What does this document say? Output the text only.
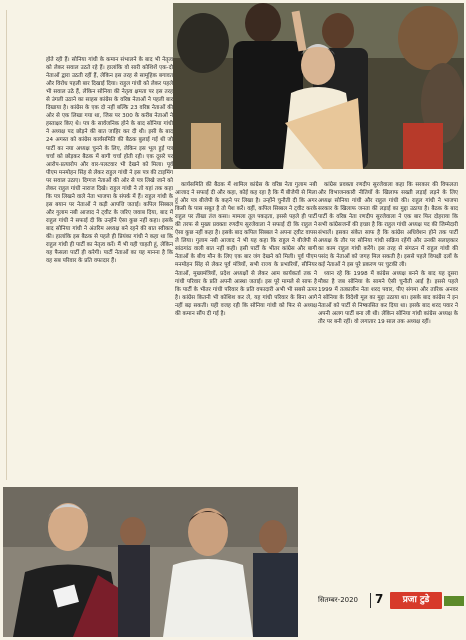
होते रही हैं। सोनिया गांधी के कमान संभालने के बाद भी नेतृत्व को लेकर सवाल उठते रहे हैं। हालांकि वो सारी कोशिशें एक-दो नेताओं द्वारा उठती रहीं हैं, लेकिन इस तरह से सामूहिक बगावत और विरोध पहली बार दिखाई दिया। राहुल गांधी को लेकर पहले भी सवाल उठे हैं, लेकिन सोनिया की नेतृत्व क्षमता पर इस तरह से उंगली उठाने का साहस कांग्रेस के वरिष्ठ नेताओं ने पहली बार दिखाया है। कांग्रेस के एक दो नहीं बल्कि 23 वरिष्ठ नेताओं की ओर से एक लिखा गया था, जिस पर 300 के करीब नेताओं ने हस्ताक्षर किए थे। पत्र के सार्वजनिक होने के बाद सोनिया गांधी ने अध्यक्ष पद छोड़ने की बात जाहिर कर दी थी। इसी के बाद 24 अगस्त को कांग्रेस कार्यसमिति की बैठक बुलाई गई थी जो पार्टी का नया अध्यक्ष चुनने के लिए, लेकिन इस भूल हुई पत्र चर्चा को छोड़कर बैठक में बागी चर्चा होती रही। एक दूसरे पर आरोप-प्रत्यारोप और वार-पलटवार भी देखने को मिला। पूर्व पीएम मनमोहन सिंह से लेकर राहुल गांधी ने इस पत्र की टाइमिंग पर सवाल उठाए। दिग्गज नेताओं की ओर से पत्र लिखे जाने को लेकर राहुल गांधी नाराज दिखे। राहुल गांधी ने तो यहां तक कहा कि पत्र लिखने वाले नेता भाजपा के संपर्क में हैं। राहुल गांधी के इस बयान पर नेताओं ने कड़ी आपत्ति जताई। कपिल सिब्बल और गुलाम नबी आजाद ने ट्वीट के जरिए जवाब दिया, बाद में राहुल गांधी ने सफाई दी कि उन्होंने ऐसा कुछ नहीं कहा। इसके बाद सोनिया गांधी ने अंतरिम अध्यक्ष बने रहने की बात स्वीकार की। हालांकि इस बैठक से पहले ही प्रियंका गांधी ने कहा था कि राहुल गांधी ही पार्टी का नेतृत्व करें। मैं भी यही चाहती हूं, लेकिन यह फैसला पार्टी ही करेगी। पार्टी नेताओं का यह मानना है कि वह सब परिवार के प्रति वफादार हैं।

कार्यसमिति की बैठक में शामिल कांग्रेस के वरिष्ठ नेता गुलाम नबी आजाद ने सफाई दी और कहा, कोई कह रहा है कि मैं बीजेपी से मिला हूं और पत्र बीजेपी के कहने पर लिखा है। उन्होंने चुनौती दी कि अगर किसी के पास सबूत है तो पेश करें। वहीं, कपिल सिब्बल ने ट्वीट करके राहुल पर तीखा तंज कसा। मामला तूल पकड़ता, इससे पहले ही पार्टी की तरफ से मुख्य प्रवक्ता रणदीप सुरजेवाला ने सफाई दी कि राहुल ने ऐसा कुछ नहीं कहा है। इसके बाद कपिल सिब्बल ने अपना ट्वीट वापस ले लिया। गुलाम नबी आजाद ने भी यह कहा कि राहुल ने बीजेपी से सांठगांठ वाली बात नहीं कही। इसी पार्टी के भीतर कांग्रेस और बागी नेताओं के बीच मौन के लिए एक बार जंग देखने को मिली। पूर्व पीएम मनमोहन सिंह से लेकर पूर्व मंत्रियों, सभी राज्य के प्रभारियों, सीनियर नेताओं, मुख्यमंत्रियों, प्रदेश अध्यक्षों से लेकर आम कार्यकर्ता तक ने गांधी परिवार के प्रति अपनी आस्था जताई। इस पूरे मामले से साफ है कि पार्टी के भीतर गांधी परिवार के प्रति वफादारी अभी भी सबसे ऊपर है। कांग्रेस कितनी भी कोशिश कर ले, यह गांधी परिवार के बिना आगे नहीं बढ़ सकती। यही वजह रही कि सोनिया गांधी को फिर से अध्यक्ष की कमान सौंप दी गई है।

कांग्रेस प्रवक्ता रणदीप सुरजेवाला कहा कि सरकार की विफलता और विभाजनकारी नीतियों के खिलाफ सख्ती लड़ाई लड़ने के लिए अध्यक्ष सोनिया गांधी और राहुल गांधी की। राहुल गांधी ने भाजपा सरकार के खिलाफ जनता की लड़ाई का मुद्दा उठाया है। बैठक के बाद पार्टी के वरिष्ठ नेता रणदीप सुरजेवाला ने एक बार फिर दोहराया कि सभी कांग्रेसजनों की इच्छा है कि राहुल गांधी अध्यक्ष पद की जिम्मेदारी संभालें। इसका संकेत साफ है कि कांग्रेस अधिवेशन होने तक पार्टी अध्यक्ष के तौर पर सोनिया गांधी सक्रिय रहेंगी और उनकी सलाहकार का काम राहुल गांधी करेंगे। इस तरह से संगठन में राहुल गांधी की पसंद के नेताओं को जगह मिल सकती है। इससे पहले विपक्षी दलों के कई नेताओं ने इस पूरे प्रकरण पर चुटकी ली।

ध्यान रहे कि 1998 में कांग्रेस अध्यक्ष बनने के बाद यह दूसरा मौका है जब सोनिया के सामने ऐसी चुनौती आई है। इससे पहले 1999 में तत्कालीन नेता शरद पवार, पीए संगमा और तारिक अनवर ने सोनिया के विदेशी मूल का मुद्दा उठाया था। इसके बाद कांग्रेस ने इन नेताओं को पार्टी से निष्कासित कर दिया था। इसके बाद शरद पवार ने अपनी अलग पार्टी बना ली थी। लेकिन सोनिया गांधी कांग्रेस अध्यक्ष के तौर पर बनी रहीं। वो लगातार 19 साल तक अध्यक्ष रहीं।

सितम्बर-2020 7	प्रजा टुडे
